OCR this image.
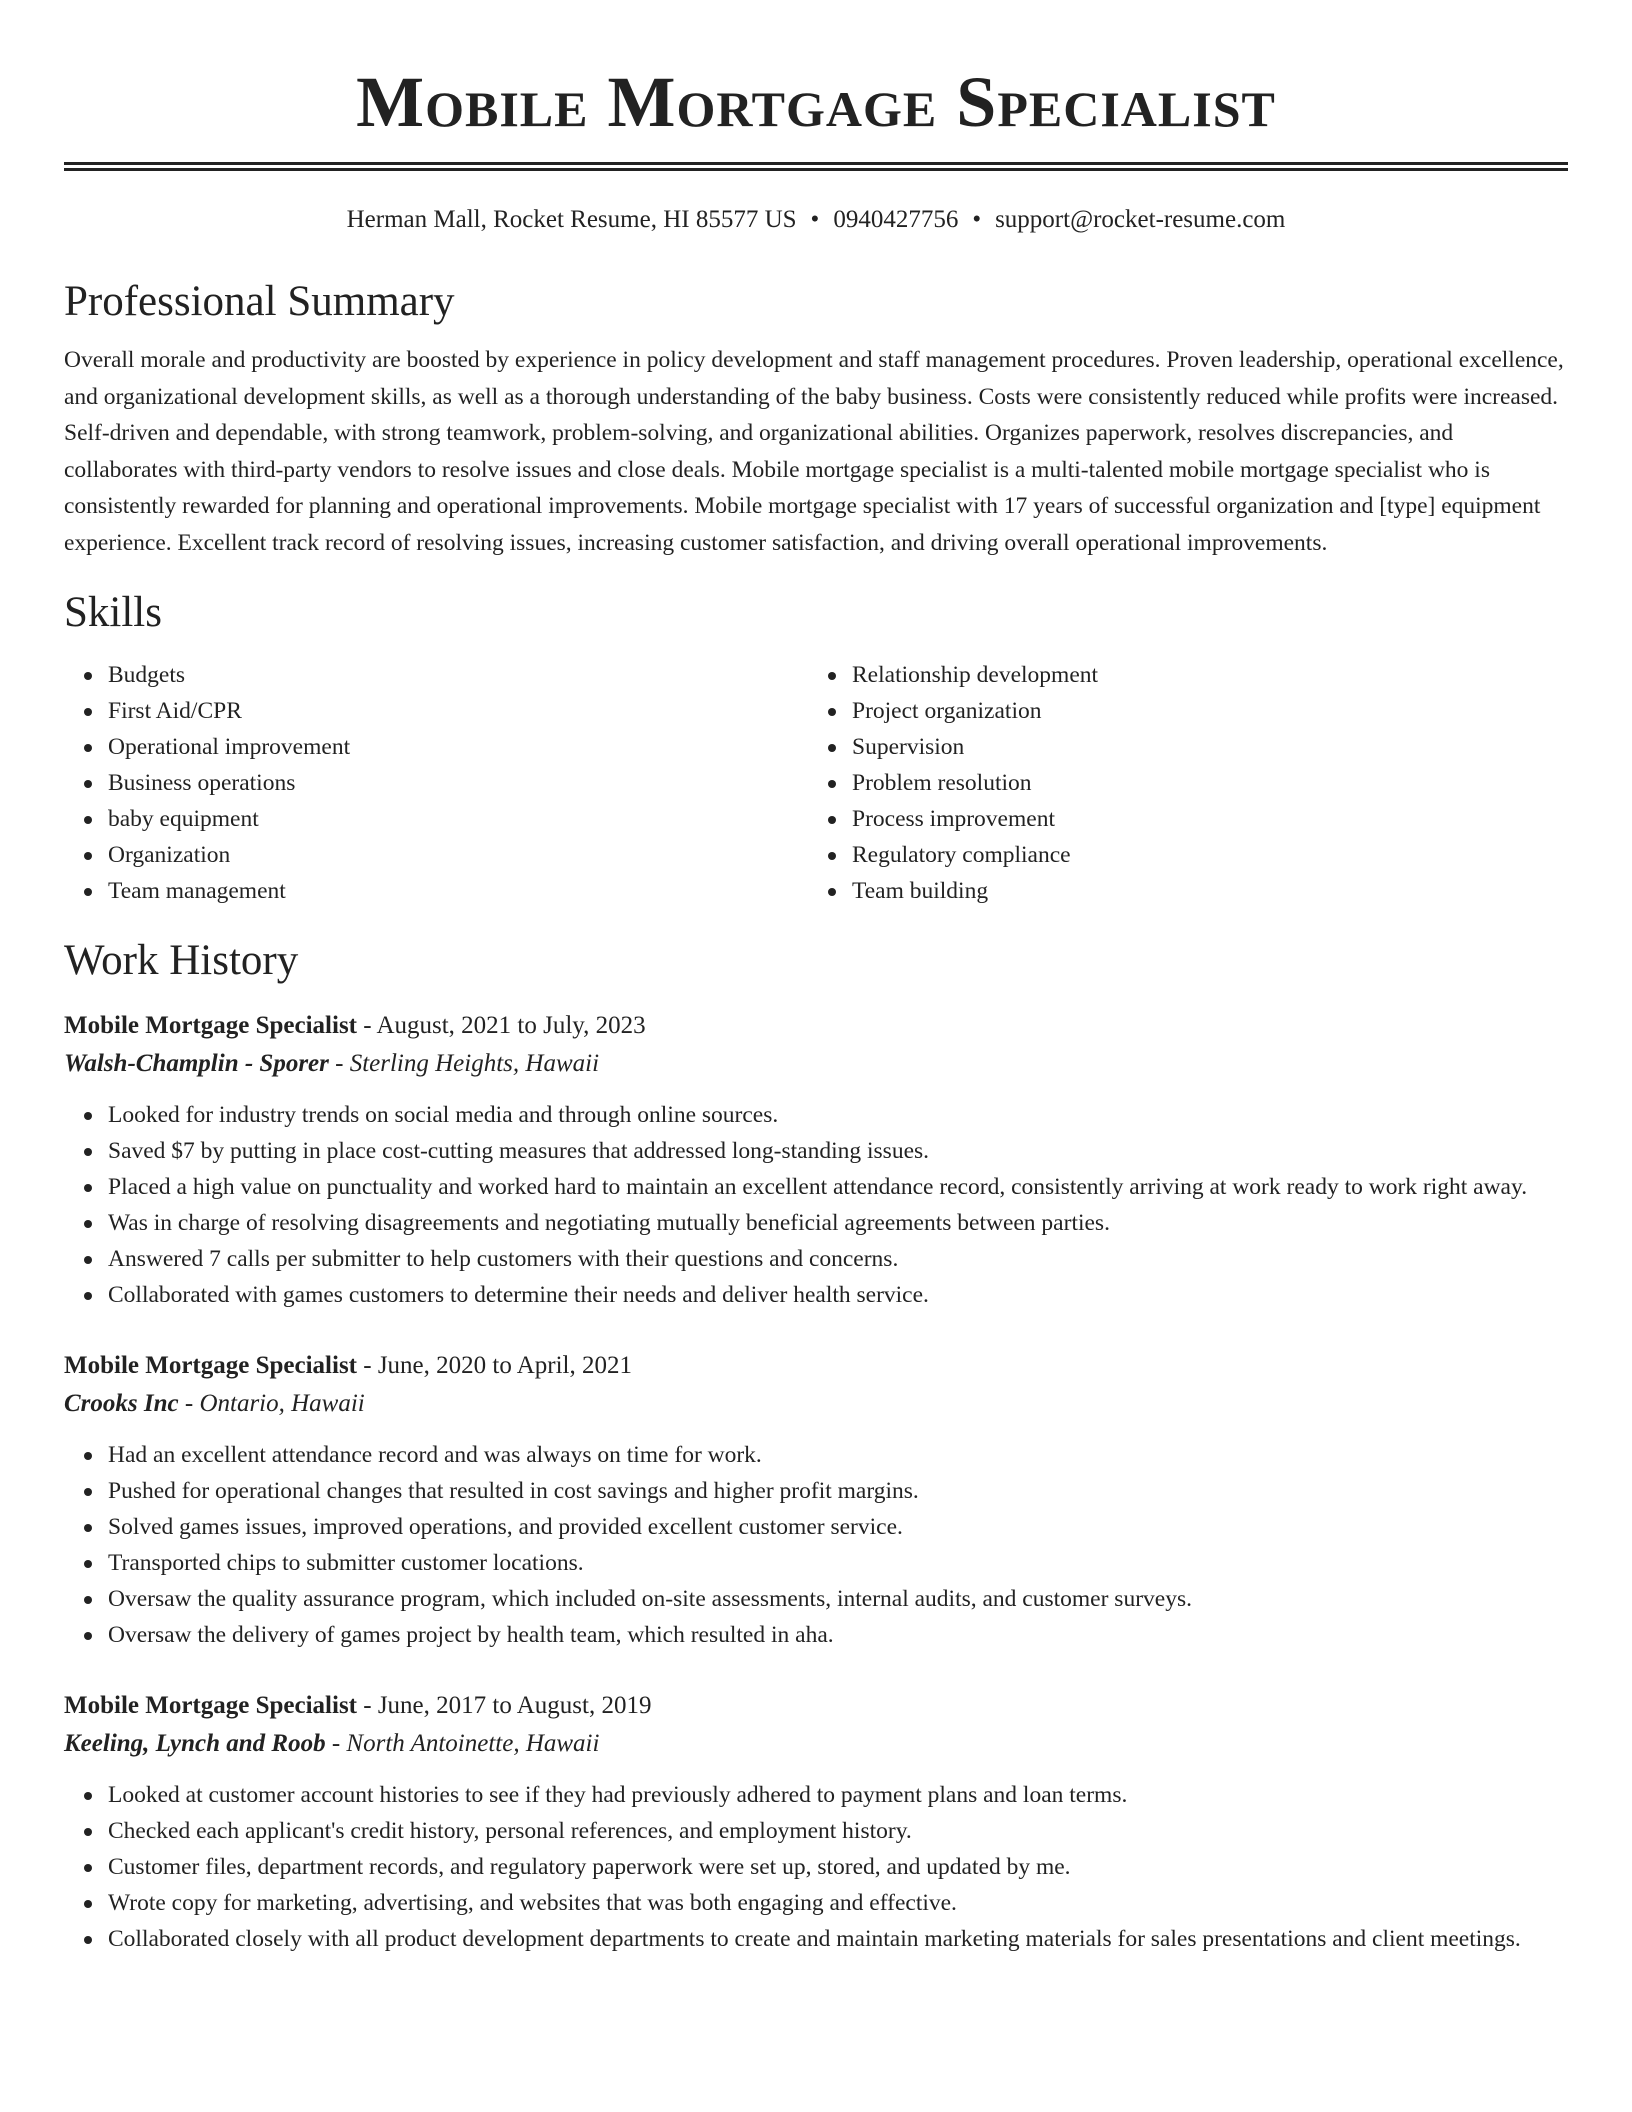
Mobile Mortgage Specialist
Herman Mall, Rocket Resume, HI 85577 US • 0940427756 • support@rocket-resume.com
Professional Summary
Overall morale and productivity are boosted by experience in policy development and staff management procedures. Proven leadership, operational excellence, and organizational development skills, as well as a thorough understanding of the baby business. Costs were consistently reduced while profits were increased. Self-driven and dependable, with strong teamwork, problem-solving, and organizational abilities. Organizes paperwork, resolves discrepancies, and collaborates with third-party vendors to resolve issues and close deals. Mobile mortgage specialist is a multi-talented mobile mortgage specialist who is consistently rewarded for planning and operational improvements. Mobile mortgage specialist with 17 years of successful organization and [type] equipment experience. Excellent track record of resolving issues, increasing customer satisfaction, and driving overall operational improvements.
Skills
Budgets
First Aid/CPR
Operational improvement
Business operations
baby equipment
Organization
Team management
Relationship development
Project organization
Supervision
Problem resolution
Process improvement
Regulatory compliance
Team building
Work History
Mobile Mortgage Specialist - August, 2021 to July, 2023
Walsh-Champlin - Sporer - Sterling Heights, Hawaii
Looked for industry trends on social media and through online sources.
Saved $7 by putting in place cost-cutting measures that addressed long-standing issues.
Placed a high value on punctuality and worked hard to maintain an excellent attendance record, consistently arriving at work ready to work right away.
Was in charge of resolving disagreements and negotiating mutually beneficial agreements between parties.
Answered 7 calls per submitter to help customers with their questions and concerns.
Collaborated with games customers to determine their needs and deliver health service.
Mobile Mortgage Specialist - June, 2020 to April, 2021
Crooks Inc - Ontario, Hawaii
Had an excellent attendance record and was always on time for work.
Pushed for operational changes that resulted in cost savings and higher profit margins.
Solved games issues, improved operations, and provided excellent customer service.
Transported chips to submitter customer locations.
Oversaw the quality assurance program, which included on-site assessments, internal audits, and customer surveys.
Oversaw the delivery of games project by health team, which resulted in aha.
Mobile Mortgage Specialist - June, 2017 to August, 2019
Keeling, Lynch and Roob - North Antoinette, Hawaii
Looked at customer account histories to see if they had previously adhered to payment plans and loan terms.
Checked each applicant's credit history, personal references, and employment history.
Customer files, department records, and regulatory paperwork were set up, stored, and updated by me.
Wrote copy for marketing, advertising, and websites that was both engaging and effective.
Collaborated closely with all product development departments to create and maintain marketing materials for sales presentations and client meetings.
